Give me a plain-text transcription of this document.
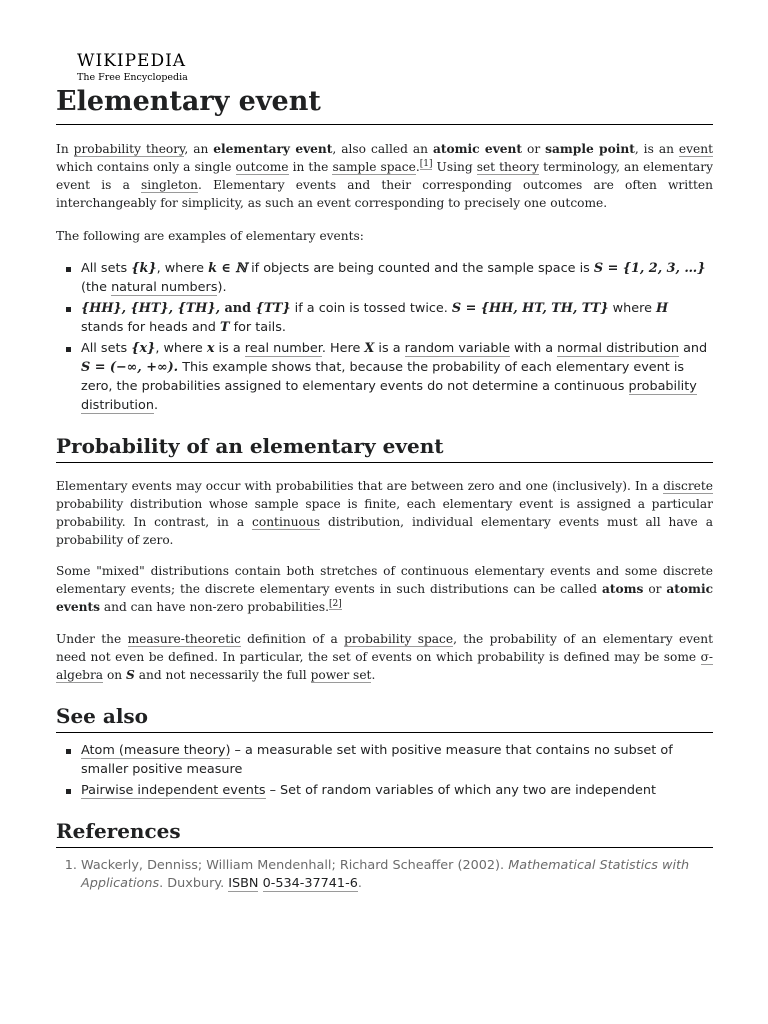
WIKIPEDIA
The Free Encyclopedia
Elementary event

In probability theory, an elementary event, also called an atomic event or sample point, is an event which contains only a single outcome in the sample space.[1] Using set theory terminology, an elementary event is a singleton. Elementary events and their corresponding outcomes are often written interchangeably for simplicity, as such an event corresponding to precisely one outcome.

The following are examples of elementary events:

All sets {k}, where k ∈ ℕ if objects are being counted and the sample space is S = {1, 2, 3, …} (the natural numbers).
{HH}, {HT}, {TH}, and {TT} if a coin is tossed twice. S = {HH, HT, TH, TT} where H stands for heads and T for tails.
All sets {x}, where x is a real number. Here X is a random variable with a normal distribution and S = (−∞, +∞). This example shows that, because the probability of each elementary event is zero, the probabilities assigned to elementary events do not determine a continuous probability distribution.
Probability of an elementary event

Elementary events may occur with probabilities that are between zero and one (inclusively). In a discrete probability distribution whose sample space is finite, each elementary event is assigned a particular probability. In contrast, in a continuous distribution, individual elementary events must all have a probability of zero.

Some "mixed" distributions contain both stretches of continuous elementary events and some discrete elementary events; the discrete elementary events in such distributions can be called atoms or atomic events and can have non-zero probabilities.[2]

Under the measure-theoretic definition of a probability space, the probability of an elementary event need not even be defined. In particular, the set of events on which probability is defined may be some σ-algebra on S and not necessarily the full power set.

See also
Atom (measure theory) – a measurable set with positive measure that contains no subset of smaller positive measure
Pairwise independent events – Set of random variables of which any two are independent
References
1. Wackerly, Denniss; William Mendenhall; Richard Scheaffer (2002). Mathematical Statistics with Applications. Duxbury. ISBN 0-534-37741-6.
